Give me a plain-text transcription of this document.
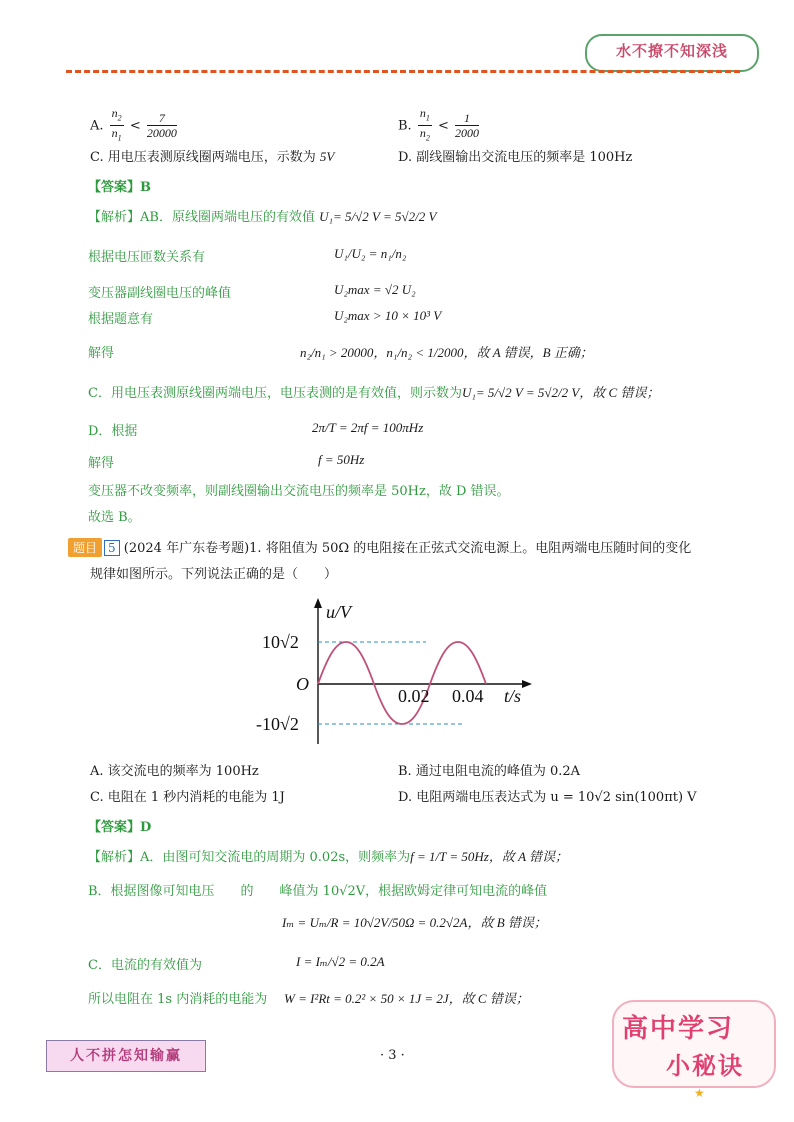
水不撩不知深浅
A. $\frac{n_2}{n_1} < \frac{7}{20000}$	B. $\frac{n_1}{n_2} < \frac{1}{2000}$
C. 用电压表测原线圈两端电压，示数为 5V	D. 副线圈输出交流电压的频率是 100Hz
【答案】B
【解析】AB．原线圈两端电压的有效值 U₁= 5/√2 V = 5√2/2 V
根据电压匝数关系有	U₁/U₂ = n₁/n₂
变压器副线圈电压的峰值	U₂max = √2 U₂
根据题意有	U₂max > 10 × 10³ V
解得	n₂/n₁ > 20000，n₁/n₂ < 1/2000，故 A 错误，B 正确；
C．用电压表测原线圈两端电压，电压表测的是有效值，则示数为U₁= 5/√2 V = 5√2/2 V，故 C 错误；
D．根据	2π/T = 2πf = 100πHz
解得	f = 50Hz
变压器不改变频率，则副线圈输出交流电压的频率是 50Hz，故 D 错误。
故选 B。
题目 5 (2024 年广东卷考题)1. 将阻值为 50Ω 的电阻接在正弦式交流电源上。电阻两端电压随时间的变化
规律如图所示。下列说法正确的是（　　）
u/V
t/s
O
10√2
-10√2
0.02 0.04
A. 该交流电的频率为 100Hz	B. 通过电阻电流的峰值为 0.2A
C. 电阻在 1 秒内消耗的电能为 1J	D. 电阻两端电压表达式为 u = 10√2 sin(100πt) V
【答案】D
【解析】A．由图可知交流电的周期为 0.02s，则频率为f = 1/T = 50Hz，故 A 错误；
B．根据图像可知电压　　的　　峰值为 10√2V，根据欧姆定律可知电流的峰值
Iₘ = Uₘ/R = 10√2V/50Ω = 0.2√2A，故 B 错误；
C．电流的有效值为	I = Iₘ/√2 = 0.2A
所以电阻在 1s 内消耗的电能为 W = I²Rt = 0.2² × 50 × 1J = 2J，故 C 错误；
人不拼怎知输赢	· 3 ·
高中学习
小秘诀
★
